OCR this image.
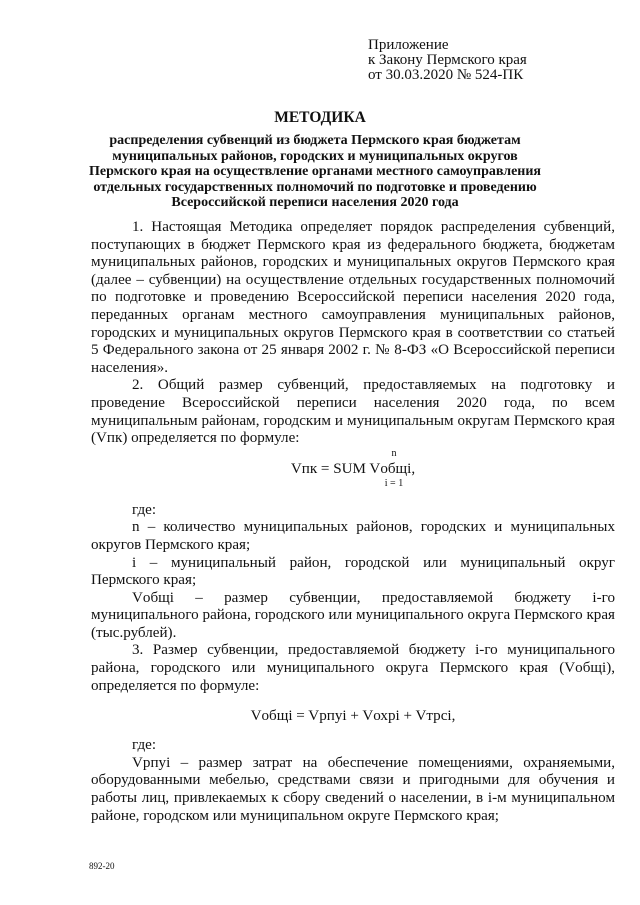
Приложение
к Закону Пермского края
от 30.03.2020 № 524-ПК
МЕТОДИКА
распределения субвенций из бюджета Пермского края бюджетам муниципальных районов, городских и муниципальных округов Пермского края на осуществление органами местного самоуправления отдельных государственных полномочий по подготовке и проведению Всероссийской переписи населения 2020 года

1. Настоящая Методика определяет порядок распределения субвенций, поступающих в бюджет Пермского края из федерального бюджета, бюджетам муниципальных районов, городских и муниципальных округов Пермского края (далее – субвенции) на осуществление отдельных государственных полномочий по подготовке и проведению Всероссийской переписи населения 2020 года, переданных органам местного самоуправления муниципальных районов, городских и муниципальных округов Пермского края в соответствии со статьей 5 Федерального закона от 25 января 2002 г. № 8-ФЗ «О Всероссийской переписи населения».

2. Общий размер субвенций, предоставляемых на подготовку и проведение Всероссийской переписи населения 2020 года, по всем муниципальным районам, городским и муниципальным округам Пермского края (Vпк) определяется по формуле:

n
Vпк = SUM Vобщi,
i = 1

где:

n – количество муниципальных районов, городских и муниципальных округов Пермского края;

i – муниципальный район, городской или муниципальный округ Пермского края;

Vобщi – размер субвенции, предоставляемой бюджету i-го муниципального района, городского или муниципального округа Пермского края (тыс.рублей).

3. Размер субвенции, предоставляемой бюджету i-го муниципального района, городского или муниципального округа Пермского края (Vобщi), определяется по формуле:

Vобщi = Vрпуi + Vохрi + Vтрсi,

где:

Vрпуi – размер затрат на обеспечение помещениями, охраняемыми, оборудованными мебелью, средствами связи и пригодными для обучения и работы лиц, привлекаемых к сбору сведений о населении, в i-м муниципальном районе, городском или муниципальном округе Пермского края;

892-20
